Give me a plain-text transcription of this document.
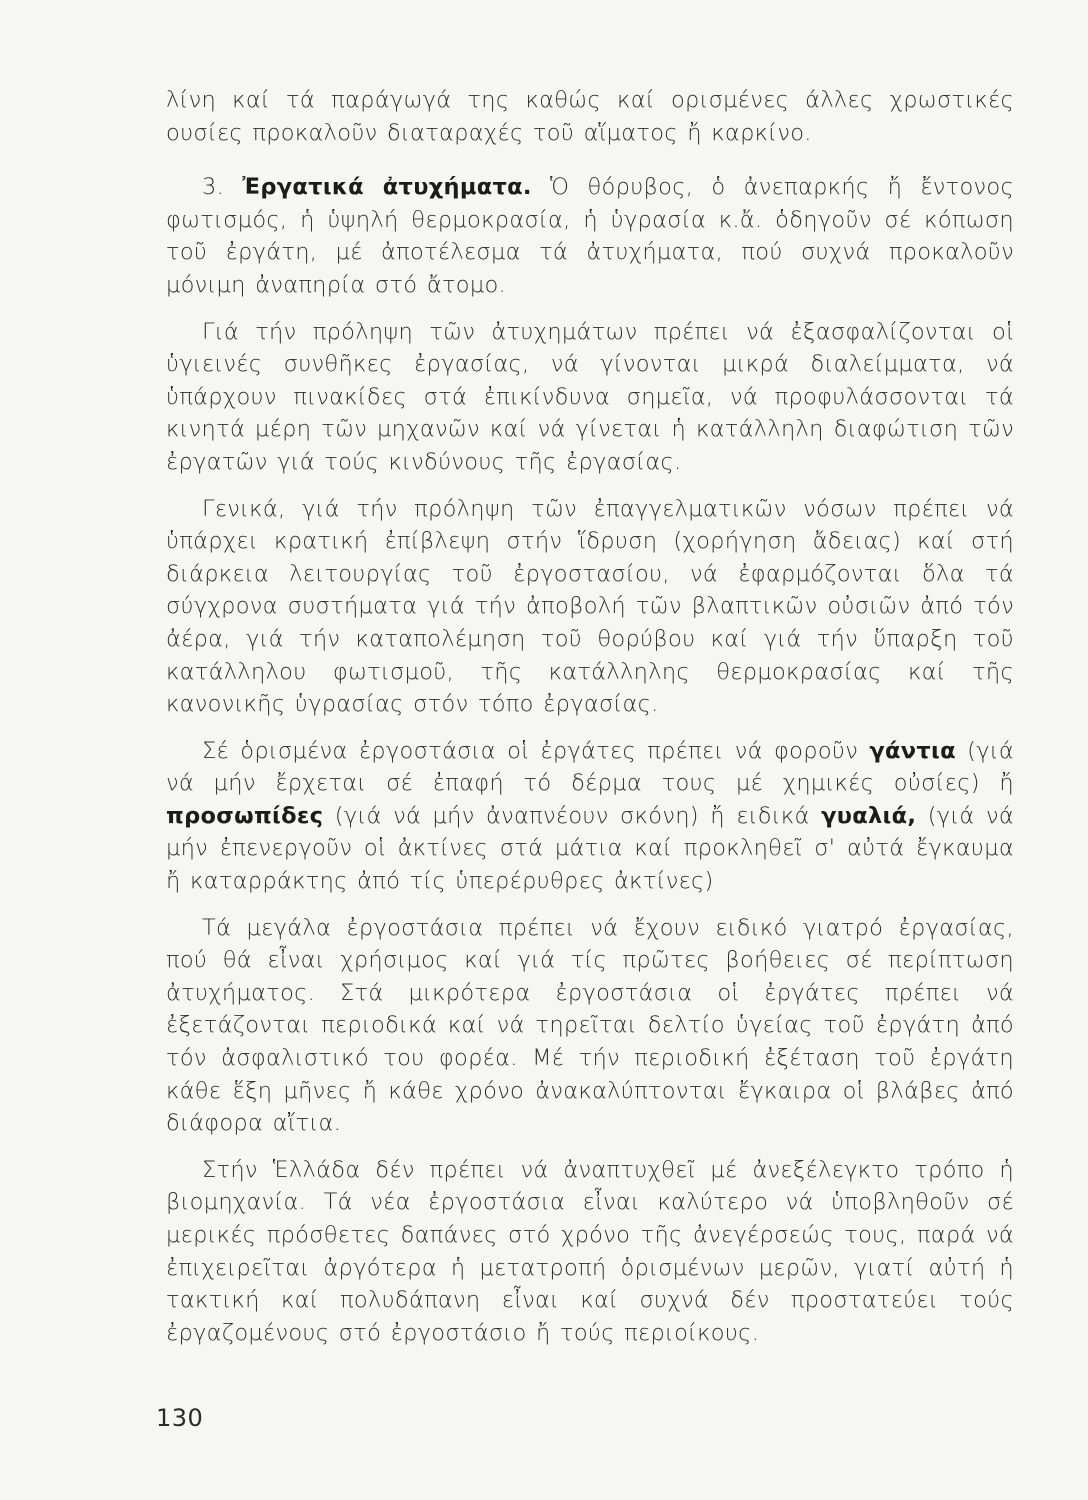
λίνη καί τά παράγωγά της καθώς καί ορισμένες άλλες χρωστικές ουσίες προκαλοῦν διαταραχές τοῦ αἵματος ἤ καρκίνο.

3. Ἐργατικά ἀτυχήματα. Ὁ θόρυβος, ὁ ἀνεπαρκής ἤ ἔντονος φωτισμός, ἡ ὑψηλή θερμοκρασία, ἡ ὑγρασία κ.ἄ. ὁδηγοῦν σέ κόπωση τοῦ ἐργάτη, μέ ἀποτέλεσμα τά ἀτυχήματα, πού συχνά προκαλοῦν μόνιμη ἀναπηρία στό ἄτομο.

Γιά τήν πρόληψη τῶν ἀτυχημάτων πρέπει νά ἐξασφαλίζονται οἱ ὑγιεινές συνθῆκες ἐργασίας, νά γίνονται μικρά διαλείμματα, νά ὑπάρχουν πινακίδες στά ἐπικίνδυνα σημεῖα, νά προφυλάσσονται τά κινητά μέρη τῶν μηχανῶν καί νά γίνεται ἡ κατάλληλη διαφώτιση τῶν ἐργατῶν γιά τούς κινδύνους τῆς ἐργασίας.

Γενικά, γιά τήν πρόληψη τῶν ἐπαγγελματικῶν νόσων πρέπει νά ὑπάρχει κρατική ἐπίβλεψη στήν ἵδρυση (χορήγηση ἄδειας) καί στή διάρκεια λειτουργίας τοῦ ἐργοστασίου, νά ἐφαρμόζονται ὅλα τά σύγχρονα συστήματα γιά τήν ἀποβολή τῶν βλαπτικῶν οὐσιῶν ἀπό τόν ἀέρα, γιά τήν καταπολέμηση τοῦ θορύβου καί γιά τήν ὕπαρξη τοῦ κατάλληλου φωτισμοῦ, τῆς κατάλληλης θερμοκρασίας καί τῆς κανονικῆς ὑγρασίας στόν τόπο ἐργασίας.

Σέ ὁρισμένα ἐργοστάσια οἱ ἐργάτες πρέπει νά φοροῦν γάντια (γιά νά μήν ἔρχεται σέ ἐπαφή τό δέρμα τους μέ χημικές οὐσίες) ἤ προσωπίδες (γιά νά μήν ἀναπνέουν σκόνη) ἤ ειδικά γυαλιά, (γιά νά μήν ἐπενεργοῦν οἱ ἀκτίνες στά μάτια καί προκληθεῖ σ' αὐτά ἔγκαυμα ἤ καταρράκτης ἀπό τίς ὑπερέρυθρες ἀκτίνες)

Τά μεγάλα ἐργοστάσια πρέπει νά ἔχουν ειδικό γιατρό ἐργασίας, πού θά εἶναι χρήσιμος καί γιά τίς πρῶτες βοήθειες σέ περίπτωση ἀτυχήματος. Στά μικρότερα ἐργοστάσια οἱ ἐργάτες πρέπει νά ἐξετάζονται περιοδικά καί νά τηρεῖται δελτίο ὑγείας τοῦ ἐργάτη ἀπό τόν ἀσφαλιστικό του φορέα. Μέ τήν περιοδική ἐξέταση τοῦ ἐργάτη κάθε ἕξη μῆνες ἤ κάθε χρόνο ἀνακαλύπτονται ἔγκαιρα οἱ βλάβες ἀπό διάφορα αἴτια.

Στήν Ἑλλάδα δέν πρέπει νά ἀναπτυχθεῖ μέ ἀνεξέλεγκτο τρόπο ἡ βιομηχανία. Τά νέα ἐργοστάσια εἶναι καλύτερο νά ὑποβληθοῦν σέ μερικές πρόσθετες δαπάνες στό χρόνο τῆς ἀνεγέρσεώς τους, παρά νά ἐπιχειρεῖται ἀργότερα ἡ μετατροπή ὁρισμένων μερῶν, γιατί αὐτή ἡ τακτική καί πολυδάπανη εἶναι καί συχνά δέν προστατεύει τούς ἐργαζομένους στό ἐργοστάσιο ἤ τούς περιοίκους.

130
